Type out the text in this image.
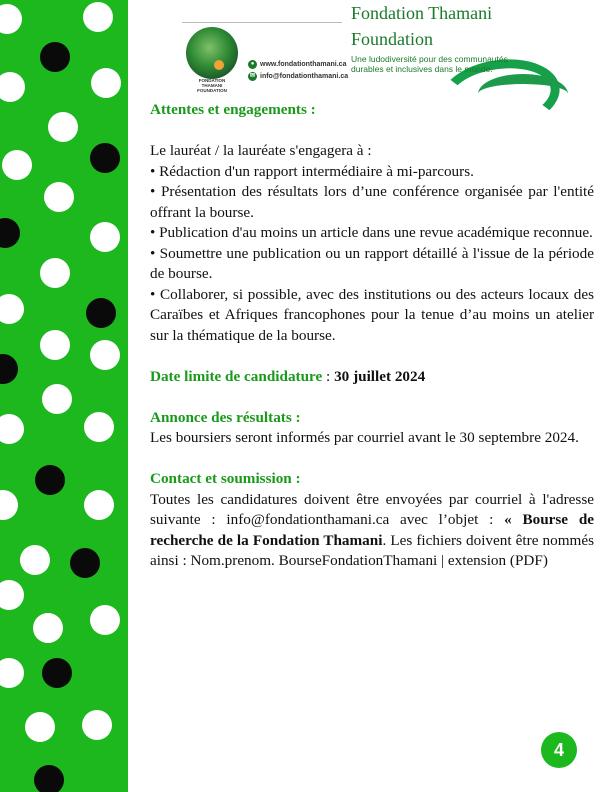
FONDATION
THAMANI
FOUNDATION
● www.fondationthamani.ca
✉ info@fondationthamani.ca
Fondation Thamani
Foundation
Une ludodiversité pour des communautés durables et inclusives dans le monde.

Attentes et engagements :

Le lauréat / la lauréate s'engagera à :

• Rédaction d'un rapport intermédiaire à mi-parcours.

• Présentation des résultats lors d’une conférence organisée par l'entité offrant la bourse.

• Publication d'au moins un article dans une revue académique reconnue.

• Soumettre une publication ou un rapport détaillé à l'issue de la période de bourse.

• Collaborer, si possible, avec des institutions ou des acteurs locaux des Caraïbes et Afriques francophones pour la tenue d’au moins un atelier sur la thématique de la bourse.

Date limite de candidature : 30 juillet 2024

Annonce des résultats :

Les boursiers seront informés par courriel avant le 30 septembre 2024.

Contact et soumission :

Toutes les candidatures doivent être envoyées par courriel à l'adresse suivante : info@fondationthamani.ca avec l’objet : « Bourse de recherche de la Fondation Thamani. Les fichiers doivent être nommés ainsi : Nom.prenom. BourseFondationThamani | extension (PDF)

4
